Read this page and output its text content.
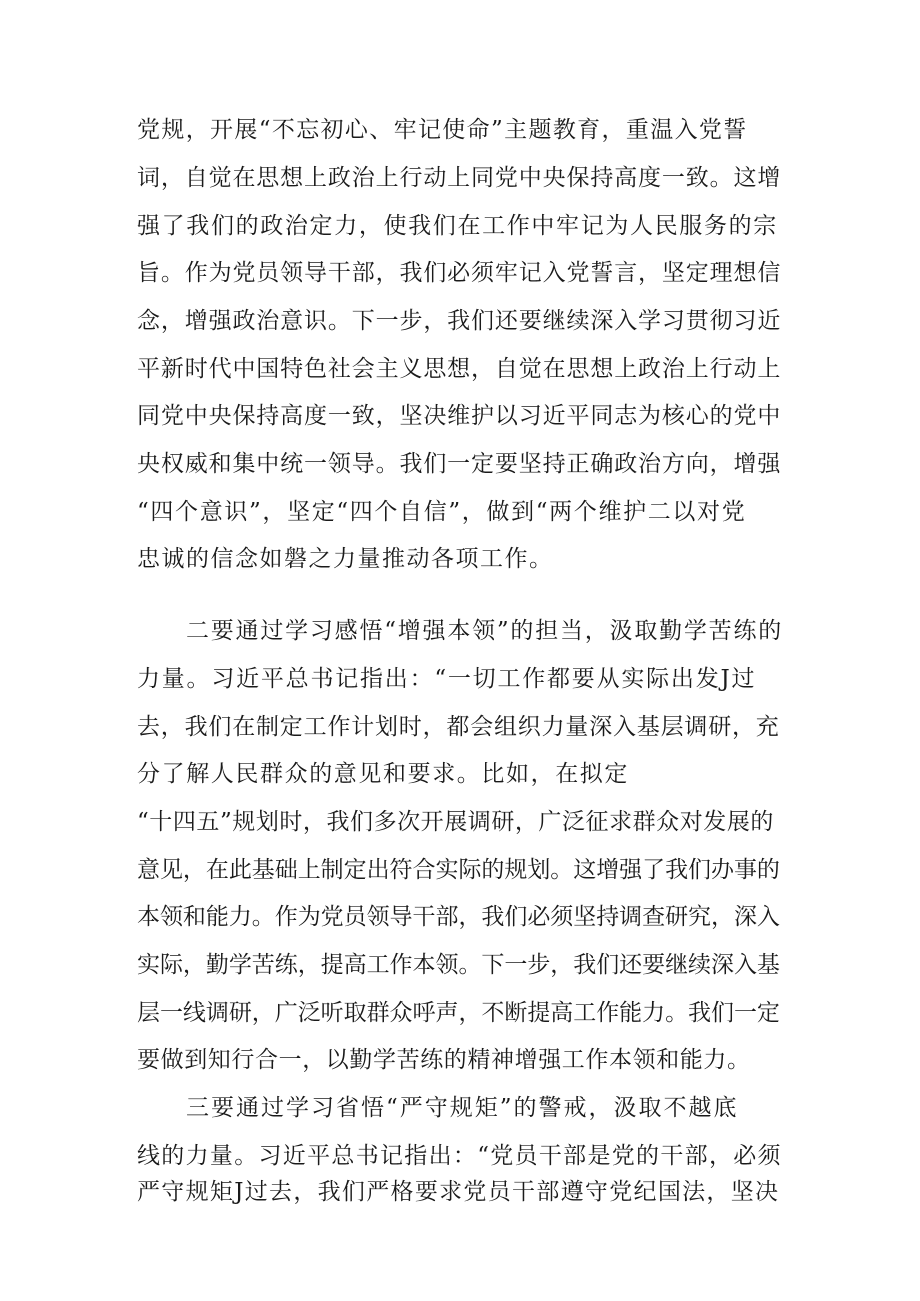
党规，开展“不忘初心、牢记使命”主题教育，重温入党誓
词，自觉在思想上政治上行动上同党中央保持高度一致。这增
强了我们的政治定力，使我们在工作中牢记为人民服务的宗
旨。作为党员领导干部，我们必须牢记入党誓言，坚定理想信
念，增强政治意识。下一步，我们还要继续深入学习贯彻习近
平新时代中国特色社会主义思想，自觉在思想上政治上行动上
同党中央保持高度一致，坚决维护以习近平同志为核心的党中
央权威和集中统一领导。我们一定要坚持正确政治方向，增强
“四个意识”，坚定“四个自信”，做到“两个维护二以对党
忠诚的信念如磐之力量推动各项工作。
二要通过学习感悟“增强本领”的担当，汲取勤学苦练的
力量。习近平总书记指出：“一切工作都要从实际出发J过
去，我们在制定工作计划时，都会组织力量深入基层调研，充
分了解人民群众的意见和要求。比如，在拟定
“十四五”规划时，我们多次开展调研，广泛征求群众对发展的
意见，在此基础上制定出符合实际的规划。这增强了我们办事的
本领和能力。作为党员领导干部，我们必须坚持调查研究，深入
实际，勤学苦练，提高工作本领。下一步，我们还要继续深入基
层一线调研，广泛听取群众呼声，不断提高工作能力。我们一定
要做到知行合一，以勤学苦练的精神增强工作本领和能力。
三要通过学习省悟“严守规矩”的警戒，汲取不越底
线的力量。习近平总书记指出：“党员干部是党的干部，必须
严守规矩J过去，我们严格要求党员干部遵守党纪国法，坚决
